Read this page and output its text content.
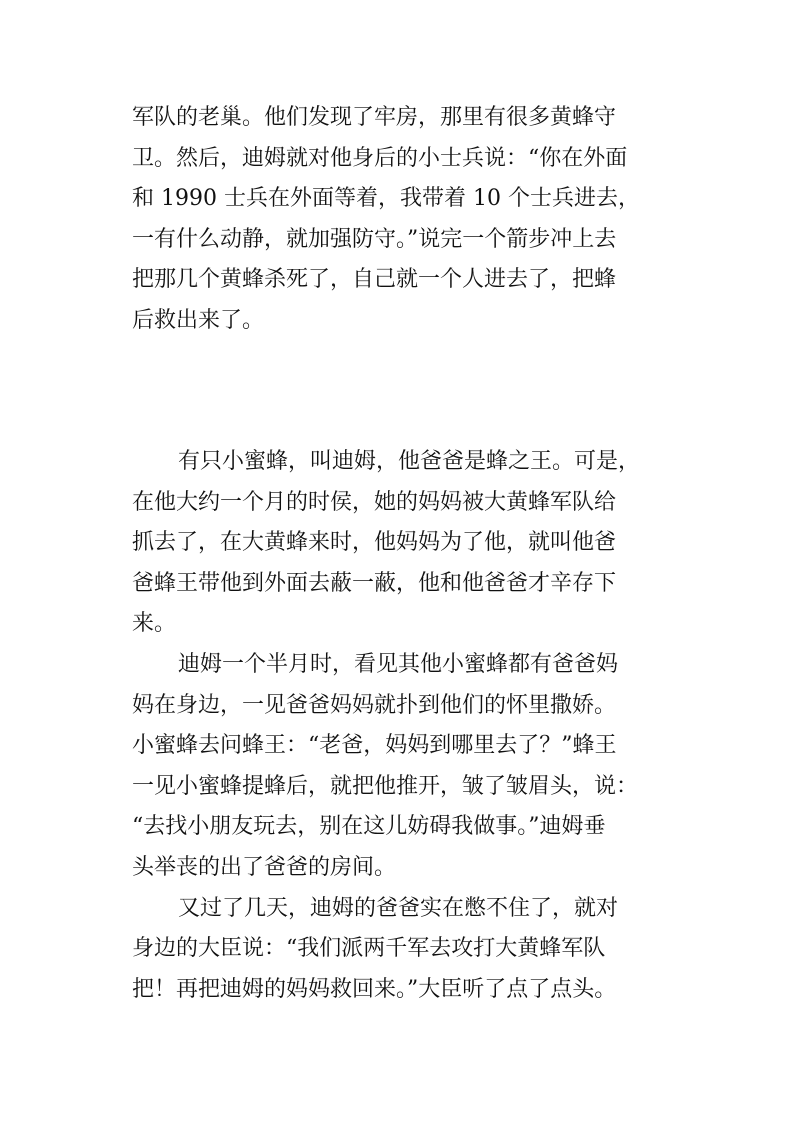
军队的老巢。他们发现了牢房，那里有很多黄蜂守
卫。然后，迪姆就对他身后的小士兵说：“你在外面
和 1990 士兵在外面等着，我带着 10 个士兵进去，
一有什么动静，就加强防守。”说完一个箭步冲上去
把那几个黄蜂杀死了，自己就一个人进去了，把蜂
后救出来了。
有只小蜜蜂，叫迪姆，他爸爸是蜂之王。可是，
在他大约一个月的时侯，她的妈妈被大黄蜂军队给
抓去了，在大黄蜂来时，他妈妈为了他，就叫他爸
爸蜂王带他到外面去蔽一蔽，他和他爸爸才辛存下
来。
迪姆一个半月时，看见其他小蜜蜂都有爸爸妈
妈在身边，一见爸爸妈妈就扑到他们的怀里撒娇。
小蜜蜂去问蜂王：“老爸，妈妈到哪里去了？”蜂王
一见小蜜蜂提蜂后，就把他推开，皱了皱眉头，说：
“去找小朋友玩去，别在这儿妨碍我做事。”迪姆垂
头举丧的出了爸爸的房间。
又过了几天，迪姆的爸爸实在憋不住了，就对
身边的大臣说：“我们派两千军去攻打大黄蜂军队
把！再把迪姆的妈妈救回来。”大臣听了点了点头。
